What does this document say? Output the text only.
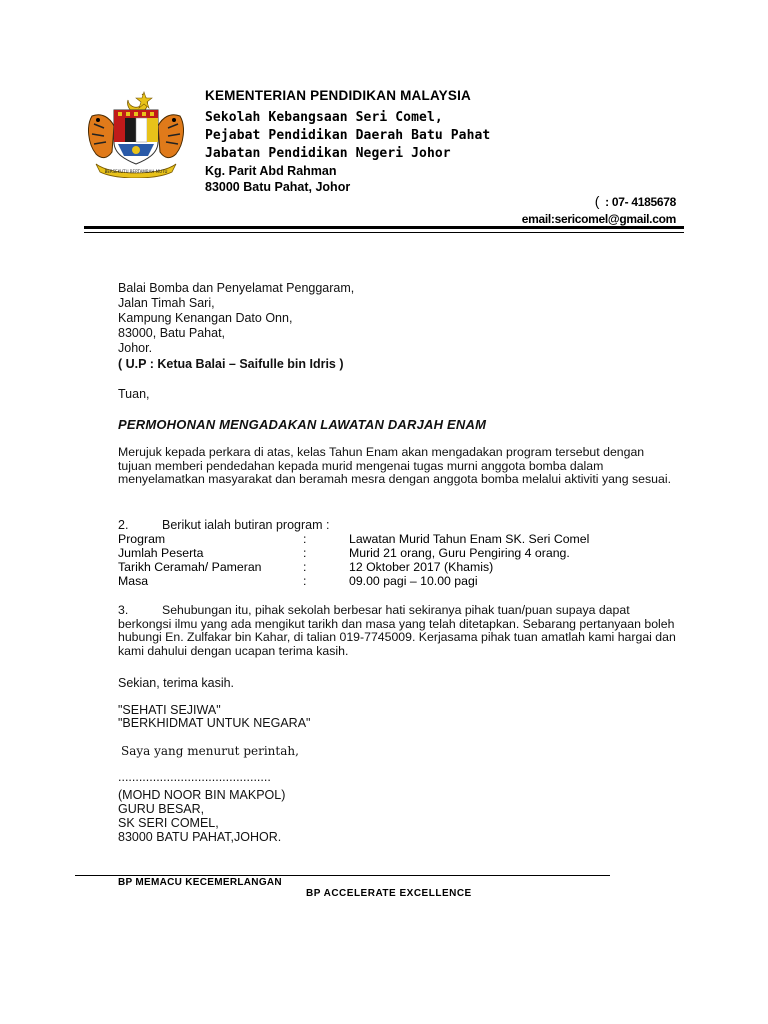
BERSEKUTU BERTAMBAH MUTU
KEMENTERIAN PENDIDIKAN MALAYSIA
Sekolah Kebangsaan Seri Comel,
Pejabat Pendidikan Daerah Batu Pahat
Jabatan Pendidikan Negeri Johor
Kg. Parit Abd Rahman
83000 Batu Pahat, Johor
( : 07- 4185678
email:sericomel@gmail.com
Balai Bomba dan Penyelamat Penggaram,
Jalan Timah Sari,
Kampung Kenangan Dato Onn,
83000, Batu Pahat,
Johor.
( U.P : Ketua Balai – Saifulle bin Idris )
Tuan,
PERMOHONAN MENGADAKAN LAWATAN DARJAH ENAM
Merujuk kepada perkara di atas, kelas Tahun Enam akan mengadakan program tersebut dengan tujuan memberi pendedahan kepada murid mengenai tugas murni anggota bomba dalam menyelamatkan masyarakat dan beramah mesra dengan anggota bomba melalui aktiviti yang sesuai.
2.	Berikut ialah butiran program :
Program	:	Lawatan Murid Tahun Enam SK. Seri Comel
Jumlah Peserta	:	Murid 21 orang, Guru Pengiring 4 orang.
Tarikh Ceramah/ Pameran	:	12 Oktober 2017 (Khamis)
Masa	:	09.00 pagi – 10.00 pagi
3.	Sehubungan itu, pihak sekolah berbesar hati sekiranya pihak tuan/puan supaya dapat berkongsi ilmu yang ada mengikut tarikh dan masa yang telah ditetapkan. Sebarang pertanyaan boleh hubungi En. Zulfakar bin Kahar, di talian 019-7745009. Kerjasama pihak tuan amatlah kami hargai dan kami dahului dengan ucapan terima kasih.
Sekian, terima kasih.
"SEHATI SEJIWA"
"BERKHIDMAT UNTUK NEGARA"
Saya yang menurut perintah,
............................................
(MOHD NOOR BIN MAKPOL)
GURU BESAR,
SK SERI COMEL,
83000 BATU PAHAT,JOHOR.
BP MEMACU KECEMERLANGAN
BP ACCELERATE EXCELLENCE
